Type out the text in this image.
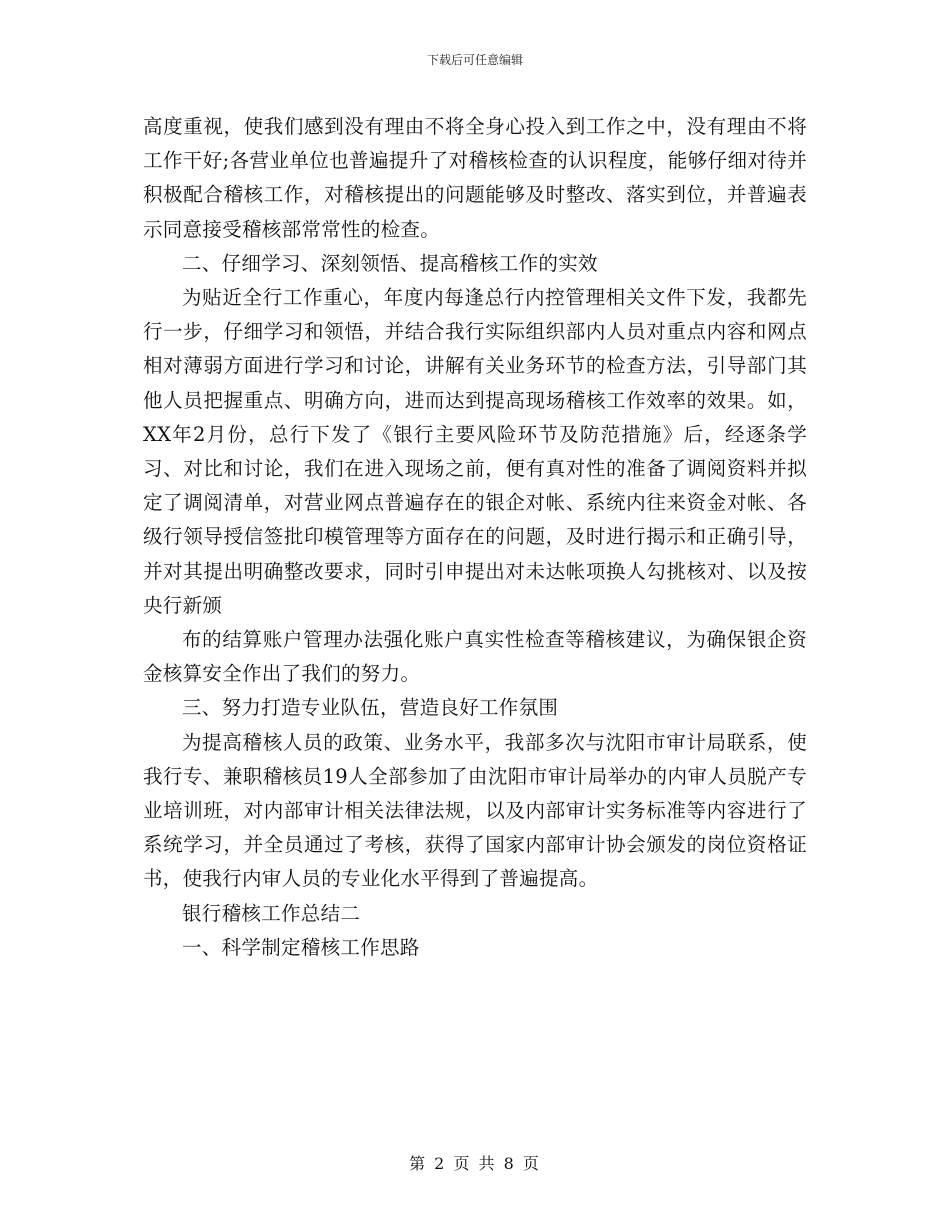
下载后可任意编辑

高度重视，使我们感到没有理由不将全身心投入到工作之中，没有理由不将工作干好;各营业单位也普遍提升了对稽核检查的认识程度，能够仔细对待并积极配合稽核工作，对稽核提出的问题能够及时整改、落实到位，并普遍表示同意接受稽核部常常性的检查。

二、仔细学习、深刻领悟、提高稽核工作的实效

为贴近全行工作重心，年度内每逢总行内控管理相关文件下发，我都先行一步，仔细学习和领悟，并结合我行实际组织部内人员对重点内容和网点相对薄弱方面进行学习和讨论，讲解有关业务环节的检查方法，引导部门其他人员把握重点、明确方向，进而达到提高现场稽核工作效率的效果。如，XX年2月份，总行下发了《银行主要风险环节及防范措施》后，经逐条学习、对比和讨论，我们在进入现场之前，便有真对性的准备了调阅资料并拟定了调阅清单，对营业网点普遍存在的银企对帐、系统内往来资金对帐、各级行领导授信签批印模管理等方面存在的问题，及时进行揭示和正确引导，并对其提出明确整改要求，同时引申提出对未达帐项换人勾挑核对、以及按央行新颁

布的结算账户管理办法强化账户真实性检查等稽核建议，为确保银企资金核算安全作出了我们的努力。

三、努力打造专业队伍，营造良好工作氛围

为提高稽核人员的政策、业务水平，我部多次与沈阳市审计局联系，使我行专、兼职稽核员19人全部参加了由沈阳市审计局举办的内审人员脱产专业培训班，对内部审计相关法律法规，以及内部审计实务标准等内容进行了系统学习，并全员通过了考核，获得了国家内部审计协会颁发的岗位资格证书，使我行内审人员的专业化水平得到了普遍提高。

银行稽核工作总结二

一、科学制定稽核工作思路

第 2 页 共 8 页
